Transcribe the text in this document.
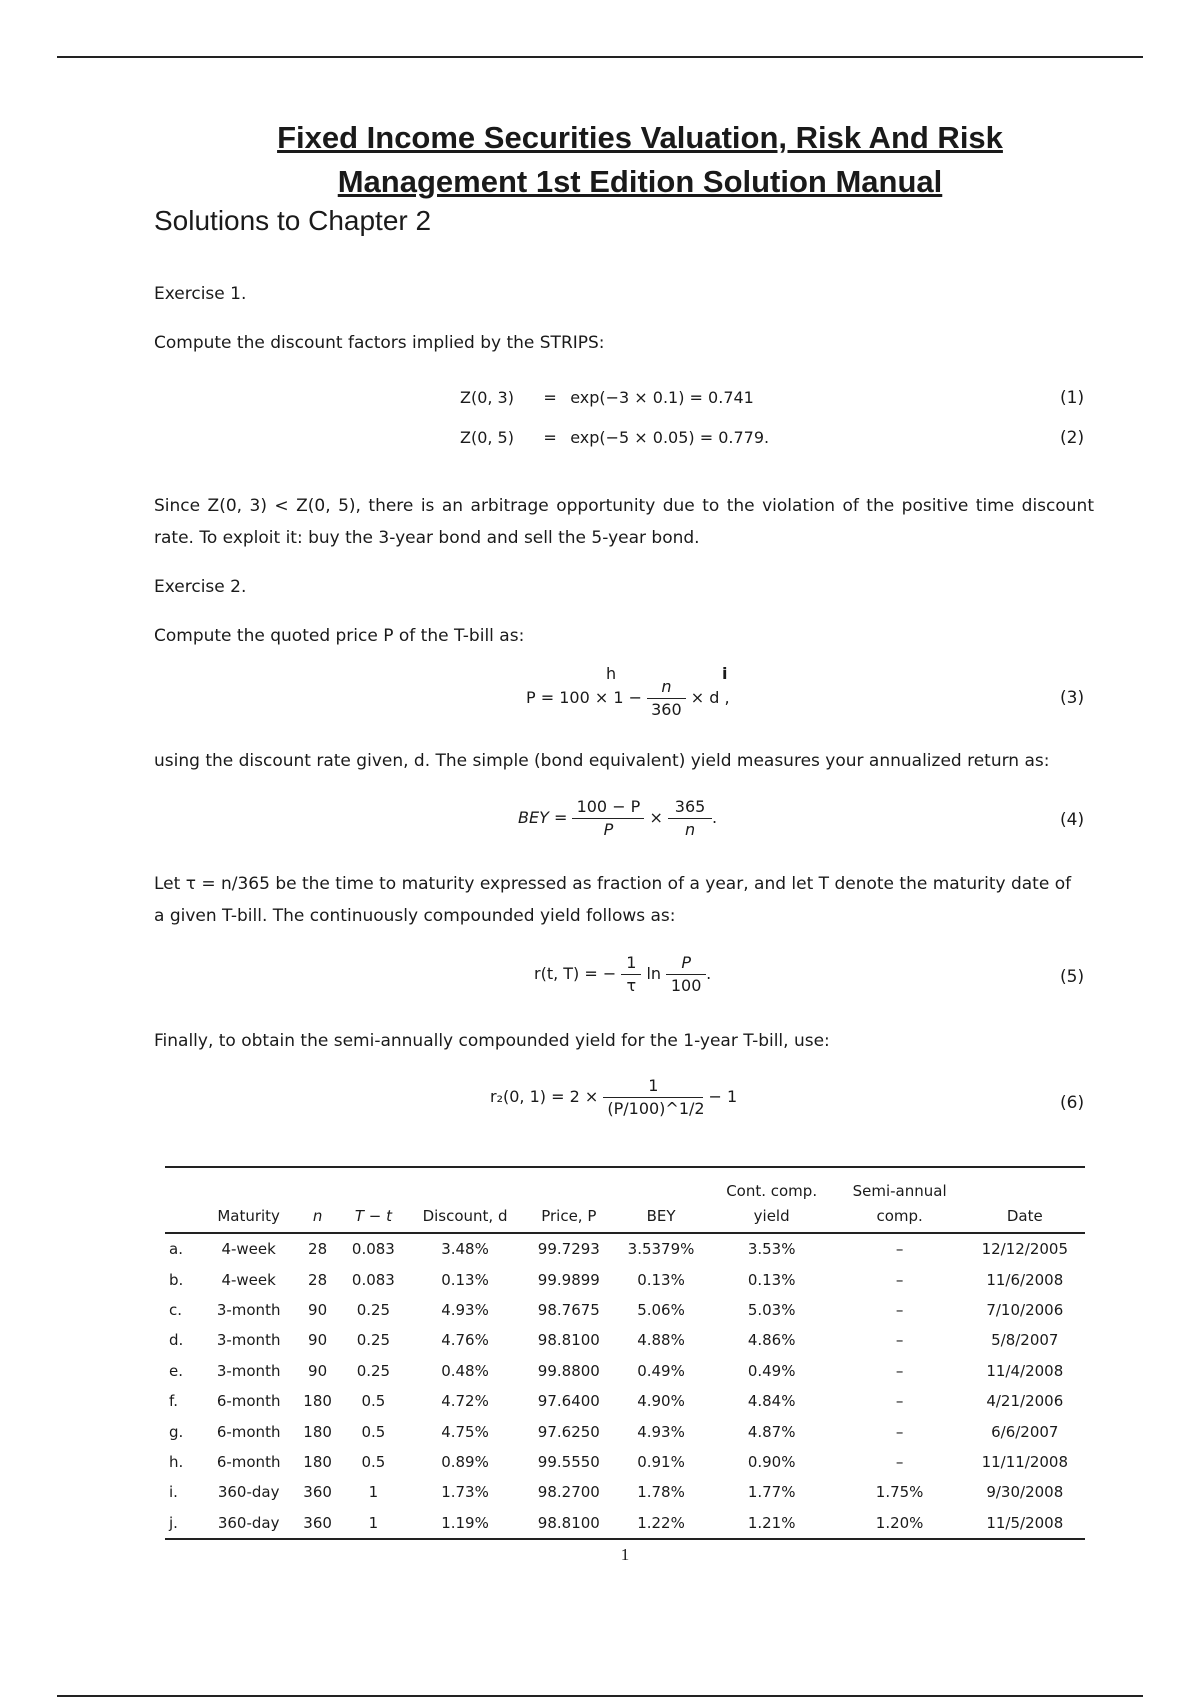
Fixed Income Securities Valuation, Risk And Risk
Management 1st Edition Solution Manual
Solutions to Chapter 2
Exercise 1.
Compute the discount factors implied by the STRIPS:
Z(0, 3) = exp(−3 × 0.1) = 0.741	(1)
Z(0, 5) = exp(−5 × 0.05) = 0.779.	(2)
Since Z(0, 3) < Z(0, 5), there is an arbitrage opportunity due to the violation of the positive time discount rate. To exploit it: buy the 3-year bond and sell the 5-year bond.
Exercise 2.
Compute the quoted price P of the T-bill as:
h	i
$P = 100 \times 1 - \frac{n}{360} \times d$ ,	(3)
using the discount rate given, d. The simple (bond equivalent) yield measures your annualized return as:
BEY = $\frac{100 - P}{P} \times \frac{365}{n}$ .	(4)
Let τ = n/365 be the time to maturity expressed as fraction of a year, and let T denote the maturity date of
a given T-bill. The continuously compounded yield follows as:
r(t, T) = − $\frac{1}{\tau}$ $\ln \frac{P}{100}$ .	(5)
Finally, to obtain the semi-annually compounded yield for the 1-year T-bill, use:
r₂(0, $1) = 2 \times \frac{1}{(P/100)\^{}1/2} - 1$	(6)
							Cont. comp.	Semi-annual	
	Maturity	n	T − t	Discount, d	Price, P	BEY	yield	comp.	Date
a.	4-week	28	0.083	3.48%	99.7293	3.5379%	3.53%	–	12/12/2005
b.	4-week	28	0.083	0.13%	99.9899	0.13%	0.13%	–	11/6/2008
c.	3-month	90	0.25	4.93%	98.7675	5.06%	5.03%	–	7/10/2006
d.	3-month	90	0.25	4.76%	98.8100	4.88%	4.86%	–	5/8/2007
e.	3-month	90	0.25	0.48%	99.8800	0.49%	0.49%	–	11/4/2008
f.	6-month	180	0.5	4.72%	97.6400	4.90%	4.84%	–	4/21/2006
g.	6-month	180	0.5	4.75%	97.6250	4.93%	4.87%	–	6/6/2007
h.	6-month	180	0.5	0.89%	99.5550	0.91%	0.90%	–	11/11/2008
i.	360-day	360	1	1.73%	98.2700	1.78%	1.77%	1.75%	9/30/2008
j.	360-day	360	1	1.19%	98.8100	1.22%	1.21%	1.20%	11/5/2008
1
